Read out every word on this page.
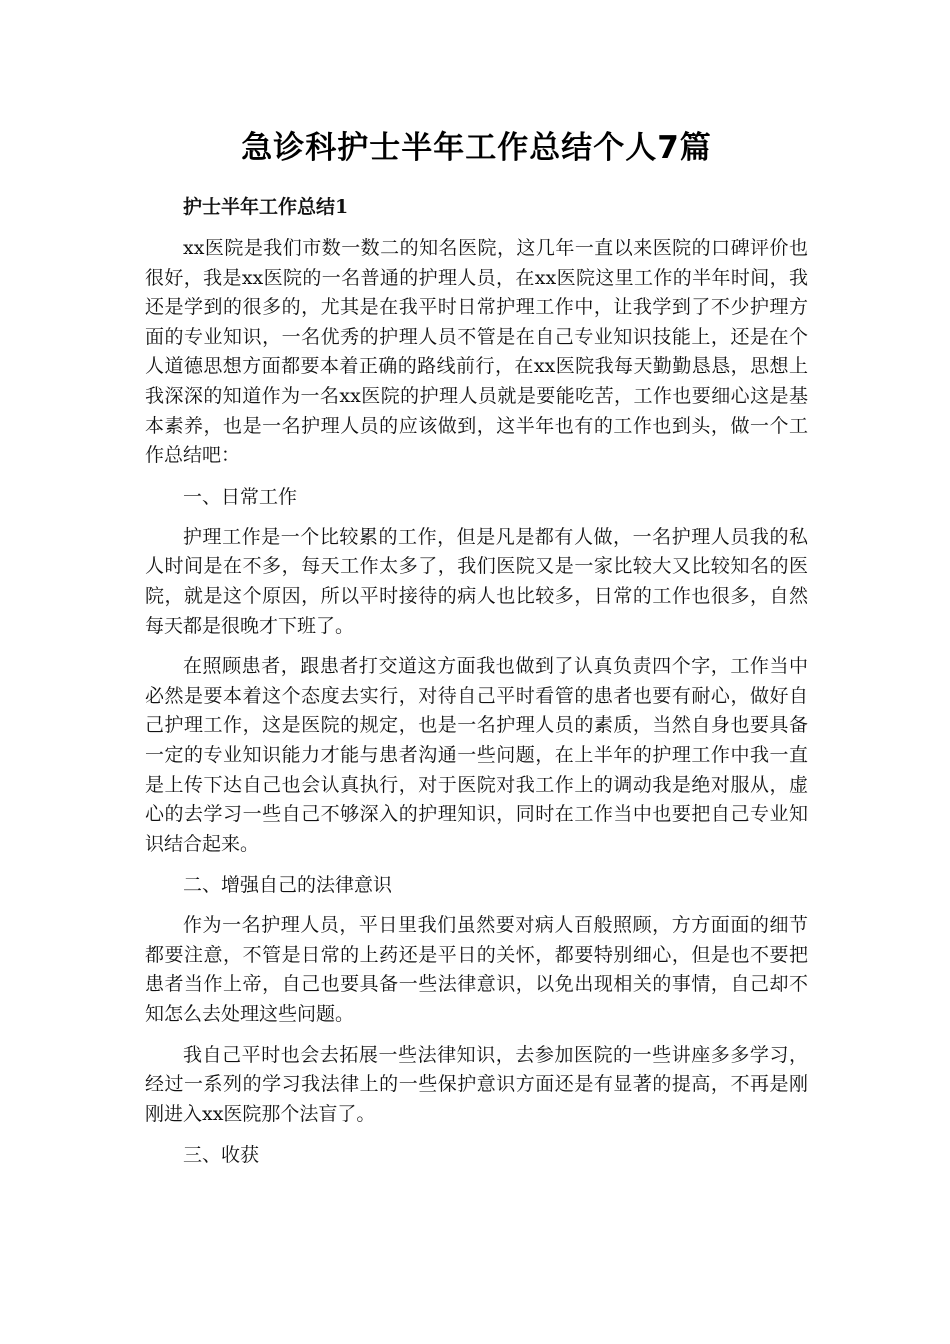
急诊科护士半年工作总结个人7篇

护士半年工作总结1

xx医院是我们市数一数二的知名医院，这几年一直以来医院的口碑评价也很好，我是xx医院的一名普通的护理人员，在xx医院这里工作的半年时间，我还是学到的很多的，尤其是在我平时日常护理工作中，让我学到了不少护理方面的专业知识，一名优秀的护理人员不管是在自己专业知识技能上，还是在个人道德思想方面都要本着正确的路线前行，在xx医院我每天勤勤恳恳，思想上我深深的知道作为一名xx医院的护理人员就是要能吃苦，工作也要细心这是基本素养，也是一名护理人员的应该做到，这半年也有的工作也到头，做一个工作总结吧：

一、日常工作

护理工作是一个比较累的工作，但是凡是都有人做，一名护理人员我的私人时间是在不多，每天工作太多了，我们医院又是一家比较大又比较知名的医院，就是这个原因，所以平时接待的病人也比较多，日常的工作也很多，自然每天都是很晚才下班了。

在照顾患者，跟患者打交道这方面我也做到了认真负责四个字，工作当中必然是要本着这个态度去实行，对待自己平时看管的患者也要有耐心，做好自己护理工作，这是医院的规定，也是一名护理人员的素质，当然自身也要具备一定的专业知识能力才能与患者沟通一些问题，在上半年的护理工作中我一直是上传下达自己也会认真执行，对于医院对我工作上的调动我是绝对服从，虚心的去学习一些自己不够深入的护理知识，同时在工作当中也要把自己专业知识结合起来。

二、增强自己的法律意识

作为一名护理人员，平日里我们虽然要对病人百般照顾，方方面面的细节都要注意，不管是日常的上药还是平日的关怀，都要特别细心，但是也不要把患者当作上帝，自己也要具备一些法律意识，以免出现相关的事情，自己却不知怎么去处理这些问题。

我自己平时也会去拓展一些法律知识，去参加医院的一些讲座多多学习，经过一系列的学习我法律上的一些保护意识方面还是有显著的提高，不再是刚刚进入xx医院那个法盲了。

三、收获
